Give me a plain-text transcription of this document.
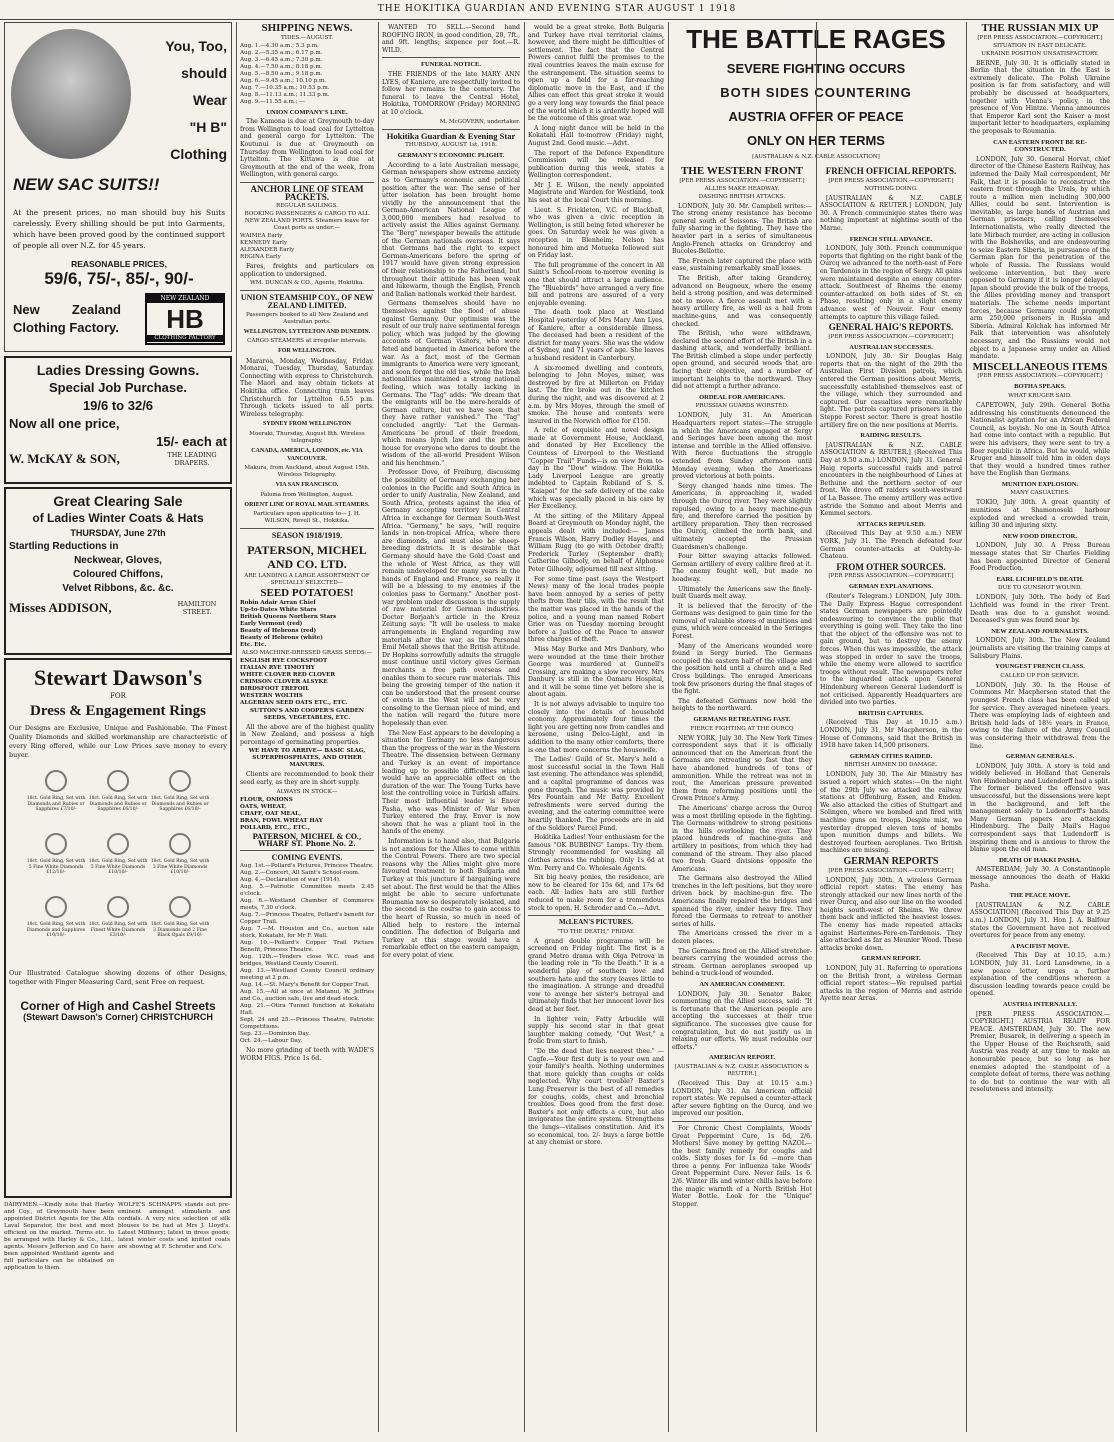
THE HOKITIKA GUARDIAN AND EVENING STAR AUGUST 1 1918
You, Too,
should
Wear
"H B"
Clothing
NEW SAC SUITS!!
At the present prices, no man should buy his Suits carelessly. Every shilling should be put into Garments, which have been proved good by the continued support of people all over N.Z. for 45 years.
REASONABLE PRICES,
59/6, 75/-, 85/-, 90/-
New Zealand Clothing Factory.
NEW ZEALAND
HB
CLOTHING FACTORY
Ladies Dressing Gowns.
Special Job Purchase.
19/6 to 32/6
Now all one price,
15/- each at
W. McKAY & SON,	THE LEADING DRAPERS.
Great Clearing Sale
of Ladies Winter Coats & Hats
THURSDAY, June 27th
Startling Reductions in
Neckwear, Gloves,
Coloured Chiffons,
Velvet Ribbons, &c. &c.
Misses ADDISON,	HAMILTON STREET.
Stewart Dawson's
FOR
Dress & Engagement Rings
Our Designs are Exclusive, Unique and Fashionable. The Finest Quality Diamonds and skilled workmanship are characteristic of every Ring offered, while our Low Prices save money to every buyer.
18ct. Gold Ring, Set with Diamonds and Rubies or Sapphires £7/10/-
18ct. Gold Ring, Set with Diamonds and Rubies or Sapphires £6/10/-
18ct. Gold Ring, Set with Diamonds and Rubies or Sapphires £6/10/-

18ct. Gold Ring, Set with 5 Fine White Diamonds £12/10/-
18ct. Gold Ring, Set with 5 Fine White Diamonds £10/10/-
18ct. Gold Ring, Set with 3 Fine White Diamonds £10/10/-

18ct. Gold Ring, Set with Diamonds and Sapphires £10/10/-
18ct. Gold Ring, Set with Finest White Diamonds £3/10/-
18ct. Gold Ring, Set with 3 Diamonds and 2 Fine Black Opals £9/10/-
Our Illustrated Catalogue showing dozens of other Designs, together with Finger Measuring Card, sent Free on request.
Corner of High and Cashel Streets
(Stewart Dawson's Corner) CHRISTCHURCH
DAIRYMEN.—Kindly note that Harley and Coy., of Greymouth have been appointed District Agents for the Alfa Laval Separator, the best and most efficient on the market. Terms etc. to be arranged with Harley & Co., Ltd., agents. Messrs Jefferson and Co have been appointed Westland agents and full particulars can be obtained on application to them.
WOLFE'S SCHNAPPS stands out pre-eminent amongst stimulants and cordials. A very nice selection of silk blouses to be had at Mrs J. Lloyd's. Latest Millinery; latest in dress goods; latest winter costs and knitted coats are showing at F. Schroder and Co's.
SHIPPING NEWS.
TIDES.—AUGUST.
Aug. 1.—4.30 a.m.; 5.3 p.m.
Aug. 2.—5.35 a.m.; 6.17 p.m.
Aug. 3.—6.45 a.m.; 7.30 p.m.
Aug. 4.—7.50 a.m.; 8.18 p.m.
Aug. 5.—8.50 a.m.; 9.18 p.m.
Aug. 6.—9.45 a.m.; 10.10 p.m.
Aug. 7.—10.35 a.m.; 10.53 p.m.
Aug. 8.—11.13 a.m.; 11.33 p.m.
Aug. 9.—11.55 a.m.; —
UNION COMPANY'S LINE.
The Kamona is due at Greymouth to-day from Wellington to load coal for Lyttelton and general cargo for Lyttelton. The Koutunui is due at Greymouth on Thursday from Wellington to load coal for Lyttelton. The Kittawa is due at Greymouth at the end of the week, from Wellington, with general cargo.
ANCHOR LINE OF STEAM PACKETS.
REGULAR SAILINGS.
BOOKING PASSENGERS & CARGO TO ALL NEW ZEALAND PORTS. Steamers leave for Coast ports as under:—
WAIMEA Early
KENNEDY Early
ALEXANDER Early
REGINA Early
Fares, freights and particulars on application to undersigned.
WM. DUNCAN & CO., Agents, Hokitika.
UNION STEAMSHIP COY., OF NEW ZEALAND LIMITED.
Passengers booked to all New Zealand and Australian ports.
WELLINGTON, LYTTELTON AND DUNEDIN.
CARGO STEAMERS at irregular intervals.
FOR WELLINGTON.
Mararoa, Monday, Wednesday, Friday. Monarai, Tuesday, Thursday, Saturday. Connecting with express to Christchurch. The Maori and may obtain tickets at Hokitika office. Connecting train leaves Christchurch for Lyttelton 6.55 p.m. Through tickets issued to all ports. Wireless telegraphy.
SYDNEY FROM WELLINGTON
Moeraki, Thursday, August 8th. Wireless telegraphy.
CANADA, AMERICA, LONDON, etc. VIA VANCOUVER.
Makura, from Auckland, about August 15th. Wireless Telegraphy.
VIA SAN FRANCISCO.
Paloma from Wellington, August.
ORIENT LINE OF ROYAL MAIL STEAMERS.
Particulars upon application to— J. H. WILSON, Revell St., Hokitika.
SEASON 1918/1919.
PATERSON, MICHEL AND CO. LTD.
ARE LANDING A LARGE ASSORTMENT OF SPECIALLY SELECTED—
SEED POTATOES!
Robin Adair Arran Chief
Up-to-Dates White Stars
British Queens Northern Stars
Early Vermont (red)
Beauty of Hebrons (red)
Beauty of Hebrons (white)
Etc. Etc.
ALSO MACHINE-DRESSED GRASS SEEDS:—
ENGLISH RYE COCKSFOOT
ITALIAN RYE TIMOTHY
WHITE CLOVER RED CLOVER
CRIMSON CLOVER ALSYKE
BIRDSFOOT TREFOIL
WESTERN WOLTHS
ALGERIAN SEED OATS ETC., ETC.
SUTTON'S AND COOPER'S GARDEN SEEDS, VEGETABLES, ETC.
All the above are of the highest quality in New Zealand, and possess a high percentage of germinating properties.
WE HAVE TO ARRIVE— BASIC SLAG, SUPERPHOSPHATES, AND OTHER MANURES.
Clients are recommended to book their seed early, as they are in short supply.
ALWAYS IN STOCK—
FLOUR, ONIONS
OATS, WHEAT,
CHAFF, OAT MEAL,
BRAN, FOWL WHEAT HAY
POLLARD, ETC., ETC.,
PATERSON, MICHEL & CO., WHARF ST. Phone No. 2.
COMING EVENTS.
Aug. 1st.—Pollard's Pictures, Princess Theatre.
Aug. 2.—Concert, All Saint's School-room.
Aug. 4.—Declaration of war (1914).
Aug. 5.—Patriotic Committee meets 2.45 o'clock.
Aug. 6.—Westland Chamber of Commerce meets, 7.30 o'clock.
Aug. 7.—Princess Theatre, Pollard's benefit for Copper Trail.
Aug. 7.—M. Houston and Co., auction sale stock, Kokatahi, for Mr F. Wall.
Aug. 10.—Pollard's Copper Trail Picture Benefit, Princess Theatre.
Aug. 12th.—Tenders close W.C. road and bridges, Westland County Council.
Aug. 13.—Westland County Council ordinary meeting at 2 p.m.
Aug. 14.—St. Mary's Benefit for Copper Trail.
Aug. 15.—All at once at Matanui, W. Jeffries and Co., auction sale, live and dead stock.
Aug. 21.—Otira Tunnel function at Kokatahi Hall.
Sept. 24 and 25.—Princess Theatre, Patriotic Competitions.
Sep. 23.—Dominion Day.
Oct. 24.—Labour Day.
No more grinding of teeth with WADE'S WORM FIGS. Price 1s 6d.
WANTED TO SELL.—Second hand ROOFING IRON, in good condition, 20, 7ft., and 9ft. lengths; sixpence per foot.—R. WILD.
FUNERAL NOTICE.
THE FRIENDS of the late MARY ANN LYES, of Kaniere, are respectfully invited to follow her remains to the cemetery. The funeral to leave the Central Hotel, Hokitika, TOMORROW (Friday) MORNING at 10 o'clock.
M. McGOVERN, undertaker.
Hokitika Guardian & Evening Star
THURSDAY, AUGUST 1st, 1918.
GERMANY'S ECONOMIC PLIGHT.
According to a late Australian message, German newspapers show extreme anxiety as to Germany's economic and political position after the war. The sense of her utter isolation has been brought home vividly by the announcement that the German-American National League of 3,000,000 members had resolved to actively assist the Allies against Germany. The "Berg" newspaper bewails the attitude of the German nationals overseas. It says that Germans had the right to expect German-Americans before the spring of 1917 would have given strong expression of their relationship to the Fatherland, but throughout their attitude has been weak and lukewarm, though the English, French and Italian nationals worked their hardest.
Germans themselves should have no themselves against the flood of abuse against Germany. Our optimism was the result of our truly naive sentimental foreign policy, which was judged by the glowing accounts of German visitors, who were feted and banqueted in America before the war. As a fact, most of the German immigrants to America were very ignorant, and soon forgot the old ties, while the Irish nationalities maintained a strong national feeling, which was totally lacking in Germans. The "Tag" adds: "We dream that the emigrants will be the mere-heralds of German culture, but we have seen that they have rather vanished." The "Tag" concluded angrily: "Let the German-Americans be proud of their freedom, which means lynch law and the prison house for everyone who dares to doubt the wisdom of the all-world President Wilson and his henchmen."
Professor Dove, of Freiburg, discussing the possibility of Germany exchanging her colonies in the Pacific and South Africa in order to unify Australia, New Zealand, and South Africa, protests against the idea of Germany accepting territory in Central Africa in exchange for German South-West Africa. "Germany," he says, "will require lands in non-tropical Africa, where there are diamonds, and must also be sheep-breeding districts. It is desirable that Germany should have the Gold Coast and the whole of West Africa, as they will remain undeveloped for many years in the hands of England and France, so really it will be a blessing to my enemies if the colonies pass to Germany." Another post-war problem under discussion is the supply of raw material for German industries. Doctor Borjaah's article in the Kreuz Zeitung says: "It will be useless to make arrangements in England regarding raw materials after the war, as the Personal Emil Metall shows that the British attitude. Dr Hopkins sorrowfully admits the struggle must continue until victory gives German merchants a free path overseas and enables them to secure raw materials. This being the growing temper of the nation it can be understood that the present course of events in the West will not be very consoling to the German piece of mind, and the nation will regard the future more hopelessly than ever.
The New East appears to be developing a situation for Germany no less dangerous than the progress of the war in the Western Theatre. The dissension between Germany and Turkey is an event of importance leading up to possible difficulties which would have an appreciable effect on the duration of the war. The Young Turks have lost the controlling voice in Turkish affairs. Their most influential leader is Enver Pasha, who was Minister of War when Turkey entered the fray. Enver is now shown that he was a pliant tool in the hands of the enemy.
Information is to hand also, that Bulgaria is not anxious for the Allies to come within the Central Powers. There are two special reasons why the Allies might give more favoured treatment to both Bulgaria and Turkey at this juncture if bargaining were set about. The first would be that the Allies might be able to secure unfortunate Roumania now so desperately isolated, and the second is the course to gain access to the heart of Russia, so much in need of Allied help to restore the internal condition. The defection of Bulgaria and Turkey at this stage would have a remarkable effect on the eastern campaign, for every point of view.
would be a great stroke. Both Bulgaria and Turkey have rival territorial claims, however, and there might be difficulties of settlement. The fact that the Central Powers cannot fulfil the promises to the rival countries leaves the main excuse for the estrangement. The situation seems to open up a field for a far-reaching diplomatic move in the East, and if the Allies can effect this great stroke it would go a very long way towards the final peace of the world which it is ardently hoped will be the outcome of this great war.
A long night dance will be held in the Kokatahi Hall to-morrow (Friday) night, August 2nd. Good music.—Advt.
The report of the Defence Expenditure Commission will be released for publication during this week, states a Wellington correspondent.
Mr J. E. Wilson, the newly appointed Magistrate and Warden for Westland, took his seat at the local Court this morning.
Lieut. S. Frickleton, V.C. of Blackball, who was given a civic reception in Wellington, is still being feted wherever he goes. On Saturday week he was given a reception in Blenheim; Nelson has honoured him and Motueka followed suit on Friday last.
The full programme of the concert in All Saint's School-room to-morrow evening is one that should attract a large audience. The "Bluebirds" have arranged a very fine bill and patrons are assured of a very enjoyable evening.
The death took place at Westland Hospital yesterday of Mrs Mary Ann Lyes, of Kaniere, after a considerable illness. The deceased had been a resident of the district for many years. She was the widow of Sydney, and 71 years of age. She leaves a husband resident in Canterbury.
A six-roomed dwelling and contents, belonging to John Moyes, miner, was destroyed by fire at Millerton on Friday last. The fire broke out in the kitchen during the night, and was discovered at 2 a.m. by Mrs Moyes, through the smell of smoke. The house and contents were insured in the Norwich office for £150.
A relic of exquisite and novel design made at Government House, Auckland, and donated by Her Excellency the Countess of Liverpool to the Westland "Copper Trail" Funds—is on view from to-day in the "Dow" window. The Hokitika Lady Liverpool League are greatly indebted to Captain Robiland of S. S. "Kaiapoi" for the safe delivery of the cake which was specially placed in his care by Her Excellency.
At the sitting of the Military Appeal Board at Greymouth on Monday night, the appeals dealt with included:— James Francis Wilson, Harry Dudley Hayes, and William Rugg (to go with October draft); Frederick Turley (September draft); Catherine Gilhooly, on behalf of Alphonse Peter Gilhooly, adjourned till next sitting.
For some time past (says the Westport News) many of the local trades people have been annoyed by a series of petty thefts from their tills, with the result that the matter was placed in the hands of the police, and a young man named Robert Grier was on Tuesday morning brought before a Justice of the Peace to answer three charges of theft.
Miss May Burke and Mrs Danbury, who were wounded at the time their brother George was murdered at Gunnell's Crossing, are making a slow recovery. Mrs Danbury is still in the Oamaru Hospital, and it will be some time yet before she is about again.
It is not always advisable to inquire too closely into the details of household economy. Approximately four times the light you are getting now from candles and kerosene, using Delco-Light, and in addition to the many other comforts, there is one that more concerns the housewife.
The Ladies' Guild of St. Mary's held a most successful social in the Town Hall last evening. The attendance was splendid, and a capital programme of dances was gone through. The music was provided by Mrs Fountain and Mr Batty. Excellent refreshments were served during the evening, and the catering committee were heartily thanked. The proceeds are in aid of the Soldiers' Parcel Fund.
Hokitika Ladies! Your enthusiasm for the famous "OK BUBBING" Lamps. Try them. Strongly recommended for washing all clothes across the rubbing. Only 1s 6d at Wm. Perry and Co. Wholesale Agents.
Six big heavy ponies, the residence, are now to be cleared for 15s 6d, and 17s 6d each. All ladies hats are still further reduced to make room for a tremendous stock to open. H. Schroder and Co.—Advt.
McLEAN'S PICTURES.
"TO THE DEATH," FRIDAY.
A grand double programme will be screened on Friday night. The first is a grand Metro drama with Olga Petrova in the leading role in "To the Death." It is a wonderful play of southern love and southern hate and the story leaves little to the imagination. A strange and dreadful vow to avenge her sister's betrayal and ultimately finds that her innocent lover lies dead at her feet.
In lighter vein, Fatty Arbuckle will supply his second star in that great laughter making comedy, "Out West," a frolic from start to finish.
"Do the dead that lies nearest thee." —Cagfe.—Your first duty is to your own and your family's health. Nothing undermines that more quickly than coughs or colds neglected. Why court trouble? Baxter's Lung Preserver is the best of all remedies for coughs, colds, chest and bronchial troubles. Does good from the first dose. Baxter's not only effects a cure, but also invigorates the entire system. Strengthens the lungs—vitalises constitution. And it's so economical, too. 2/- buys a large bottle at any chemist or store.
THE BATTLE RAGES
SEVERE FIGHTING OCCURS
BOTH SIDES COUNTERING
AUSTRIA OFFER OF PEACE
ONLY ON HER TERMS
[AUSTRALIAN & N.Z. CABLE ASSOCIATION]
THE WESTERN FRONT
[PER PRESS ASSOCIATION.—COPYRIGHT.]
ALLIES MAKE HEADWAY.
DASHING BRITISH ATTACKS.
LONDON, July 30. Mr. Campbell writes:—The strong enemy resistance has become general south of Soissons. The British are fully sharing in the fighting. They have the heavier part in a series of simultaneous Anglo-French attacks on Grandcroy and Bucoles-Bellotte.
The French later captured the place with ease, sustaining remarkably small losses.
The British, after taking Grandcroy, advanced on Beugneux, where the enemy held a strong position, and was determined not to move. A fierce assault met with a heavy artillery fire, as well as a hail from machine-guns, and was consequently checked.
The British, who were withdrawn, declared the second effort of the British in a dashing attack, and wonderfully brilliant. The British climbed a slope under perfectly open ground, and secured woods that are facing their objective, and a number of important heights to the northward. They did not attempt a further advance.
ORDEAL FOR AMERICANS.
PRUSSIAN GUARDS WORSTED.
LONDON, July 31. An American Headquarters report states:—The struggle in which the Americans engaged at Sergy and Seringes have been among the most intense and terrible in the Allied offensive. With fierce fluctuations the struggle extended from Sunday afternoon until Monday evening, when the Americans proved victorious at both points.
Sergy changed hands nine times. The Americans, in approaching it, waded through the Ourcq river. They were slightly repulsed, owing to a heavy machine-gun fire, and therefore carried the position by artillery preparation. They then recrossed the Ourcq, climbed the north bank, and ultimately accepted the Prussian Guardsmen's challenge.
Four bitter swaying attacks followed. German artillery of every calibre fired at it. The enemy fought well, but made no headway.
Ultimately the Americans saw the finely-built Guards melt away.
It is believed that the ferocity of the Germans was designed to gain time for the removal of valuable stores of munitions and guns, which were concealed in the Seringes Forest.
Many of the Americans wounded were found in Sergy buried. The Germans occupied the eastern half of the village and the position held until a church and a Red Cross buildings. The enraged Americans took few prisoners during the final stages of the fight.
The defeated Germans now hold the heights to the northward.
GERMANS RETREATING FAST.
FIERCE FIGHTING AT THE OURCQ
NEW YORK, July 30. The New York Times correspondent says that it is officially announced that on the American front the Germans are retreating so fast that they have abandoned hundreds of tons of ammunition. While the retreat was not in rout, the American pressure prevented them from reforming positions until the Crown Prince's Army.
The Americans' charge across the Ourcq was a most thrilling episode in the fighting. The Germans withdrew to strong positions in the hills overlooking the river. They placed hundreds of machine-guns and artillery in positions, from which they had command of the stream. They also placed two fresh Guard divisions opposite the Americans.
The Germans also destroyed the Allied trenches in the left positions, but they were driven back by machine-gun fire. The Americans finally repaired the bridges and spanned the river, under heavy fire. They forced the Germans to retreat to another series of hills.
The Americans crossed the river in a dozen places.
The Germans fired on the Allied stretcher-bearers carrying the wounded across the stream. German aeroplanes swooped up behind a truck-load of wounded.
AN AMERICAN COMMENT.
LONDON, July 30. Senator Baker, commenting on the Allied success, said: "It is fortunate that the American people are accepting the successes at their true significance. The successes give cause for congratulation, but do not justify us in relaxing our efforts. We must redouble our efforts."
AMERICAN REPORT.
[AUSTRALIAN & N.Z. CABLE ASSOCIATION & REUTER.]
(Received This Day at 10.15 a.m.) LONDON, July 31. An American official report states: We repulsed a counter-attack after severe fighting on the Ourcq, and we improved our position.
For Chronic Chest Complaints, Woods' Great Peppermint Cure, 1s 6d, 2/6. Mothers! Save money by getting NAZOL—the best family remedy for coughs and colds. Sixty doses for 1s 6d —more than three a penny. For influenza take Woods' Great Peppermint Cure. Never fails. 1s 6. 2/6. Winter ills and winter chills have before the magic warmth of a North British Hot Water Bottle. Look for the "Unique" Stopper.
FRENCH OFFICIAL REPORTS.
[PER PRESS ASSOCIATION.—COPYRIGHT.]
NOTHING DOING.
[AUSTRALIAN & N.Z. CABLE ASSOCIATION & REUTER.] LONDON, July 30. A French communique states there was nothing important at nightime south of the Marne.
FRENCH STILL ADVANCE.
LONDON, July 30th. French communique reports that fighting on the right bank of the Ourcq we advanced to the north-east of Fere en Tardenois in the region of Sergy. All gains were maintained despite an enemy counter-attack. Southwest of Rheims the enemy counter-attacked on both sides of St. en Phase, resulting only in a slight enemy advance west of Nouvoir. Four enemy attempts to capture this village failed.
GENERAL HAIG'S REPORTS.
[PER PRESS ASSOCIATION.—COPYRIGHT.]
AUSTRALIAN SUCCESSES.
LONDON, July 30. Sir Douglas Haig reports that on the night of the 29th the Australian First Division patrols, which entered the German positions about Merris, successfully established themselves east of the village, which they surrounded and captured. Our casualties were remarkably light. The patrols captured prisoners in the Steppe Forest sector. There is great hostile artillery fire on the new positions at Merris.
RAIDING RESULTS.
[AUSTRALIAN & N.Z. CABLE ASSOCIATION & REUTER.] (Received This Day at 9.50 a.m.) LONDON, July 31. General Haig reports successful raids and patrol encounters in the neighbourhood of Lines at Bethune and the northern sector of our front. We drove off raiders south-westward of La Bassee. The enemy artillery was active astride the Somme and about Merris and Kemmel sectors.
ATTACKS REPULSED.
(Received This Day at 9.50 a.m.) NEW YORK, July 31. The French defeated four German counter-attacks at Oulchy-le-Chateau.
FROM OTHER SOURCES.
[PER PRESS ASSOCIATION.—COPYRIGHT.]
GERMAN EXPLANATIONS.
(Reuter's Telegram.) LONDON, July 30th. The Daily Express Hague correspondent states German newspapers are pointedly endeavouring to convince the public that everything is going well. They take the line that the object of the offensive was not to gain ground, but to destroy the enemy forces. When this was impossible, the attack was stopped in order to save the troops, while the enemy were allowed to sacrifice troops without result. The newspapers refer to the inguarded attack upon General Hindenburg whereon General Ludendorff is not criticised. Apparently Headquarters are divided into two parties.
BRITISH CAPTURES.
(Received This Day at 10.15 a.m.) LONDON, July 31. Mr Macpherson, in the House of Commons, said that the British in 1918 have taken 14,500 prisoners.
GERMAN CITIES RAIDED.
BRITISH AIRMEN DO DAMAGE.
LONDON, July 30. The Air Ministry has issued a report which states:—On the night of the 29th July we attacked the railway stations at Offenburg, Essen, and Emden. We also attacked the cities of Stuttgart and Solingen, where we bombed and fired with machine guns on troops. Despite mist, we yesterday dropped eleven tons of bombs upon munition dumps and billets. We destroyed fourteen aeroplanes. Two British machines are missing.
GERMAN REPORTS
[PER PRESS ASSOCIATION.—COPYRIGHT.]
LONDON, July 30th. A wireless German official report states: The enemy has strongly attacked our new lines north of the river Ourcq, and also our line on the wooded heights south-west of Rheims. We threw them back and inflicted the heaviest losses. The enemy has made repeated attacks against Hartennes-Fere-en-Tardenois. They also attacked as far as Meunier Wood. These attacks broke down.
GERMAN REPORT.
LONDON, July 31. Referring to operations on the British front, a wireless German official report states:—We repulsed partial attacks in the region of Merris and astride Ayette near Arras.
THE RUSSIAN MIX UP
[PER PRESS ASSOCIATION.—COPYRIGHT.]
SITUATION IN EAST DELICATE.
UKRAINE POSITION UNSATISFACTORY.
BERNE, July 30. It is officially stated in Berlin that the situation in the East is extremely delicate. The Polish Ukraine position is far from satisfactory, and will probably be discussed at headquarters, together with Vienna's policy, in the presence of Von Hintze. Vienna announces that Emperor Karl sent the Kaiser a most important letter to headquarters, explaining the proposals to Roumania.
CAN EASTERN FRONT BE RE-CONSTRUCTED.
LONDON, July 30. General Horvat, chief director of the Chinese Eastern Railway, has informed the Daily Mail correspondent, Mr Falk, that it is possible to reconstruct the eastern front through the Urals, by which route a million men including 300,000 Allies, could be sent. Intervention is inevitable, as large bands of Austrian and German prisoners, calling themselves Internationalists, who really directed the late Mirbach murder, are acting in collusion with the Bolsheviks, and are endeavouring to seize Eastern Siberia, in pursuance of the German plan for the penetration of the whole of Russia. The Russians would welcome intervention, but they were opposed to Germany if it is longer delayed. Japan should provide the bulk of the troops, the Allies providing money and transport materials. The scheme needs important forces, because Germany could promptly arm 250,000 prisoners in Russia and Siberia. Admiral Kolchak has informed Mr Falk that intervention was absolutely necessary, and the Russians would not object to a Japanese army under an Allied mandate.
MISCELLANEOUS ITEMS
[PER PRESS ASSOCIATION.—COPYRIGHT.]
BOTHA SPEAKS.
WHAT KRUGER SAID.
CAPETOWN, July 29th. General Botha addressing his constituents denounced the Nationalist agitation for an African Federal Council, as boyish. No one in South Africa had come into contact with a republic. But were his advisers, they were sent to try a Boer republic in Africa. But he would, while Kruger and himself told him in olden days that they would a hundred times rather have the English than Germans.
MUNITION EXPLOSION.
MANY CASUALTIES.
TOKIO, July 30th. A great quantity of munitions at Shamonoseki harbour exploded and wrecked a crowded train, killing 30 and injuring sixty.
NEW FOOD DIRECTOR.
LONDON, July 30. A Press Bureau message states that Sir Charles Fielding has been appointed Director of General Food Production.
EARL LICHFIELD'S DEATH.
DUE TO GUNSHOT WOUND.
LONDON, July 30th. The body of Earl Lichfield was found in the river Trent. Death was due to a gunshot wound. Deceased's gun was found near by.
NEW ZEALAND JOURNALISTS.
LONDON, July 30th. The New Zealand journalists are visiting the training camps at Salisbury Plains.
YOUNGEST FRENCH CLASS.
CALLED UP FOR SERVICE.
LONDON, July 30. In the House of Commons Mr. Macpherson stated that the youngest French class has been called up for service. They averaged nineteen years. There was employing lads of eighteen and British held lads of 18½ years in France, owing to the failure of the Army Council was considering their withdrawal from the line.
GERMAN GENERALS.
LONDON, July 30th. A story is told and widely believed in Holland that Generals Von Hindenburg and Ludendorff had a split. The former believed the offensive was unsuccessful, but the dissensions were kept in the background, and left the management solely to Ludendorff's hands. Many German papers are attacking Hindenburg. The Daily Mail's Hague correspondent says that Ludendorff is inspiring them and is anxious to throw the blame upon the old man.
DEATH OF HAKKI PASHA.
AMSTERDAM, July 30. A Constantinople message announces the death of Hakki Pasha.
THE PEACE MOVE.
[AUSTRALIAN & N.Z. CABLE ASSOCIATION] (Received This Day at 9.25 a.m.) LONDON, July 31. Hon J. A. Balfour states the Government have not received overtures for peace from any enemy.
A PACIFIST MOVE.
(Received This Day at 10.15, a.m.) LONDON, July 31. Lord Lansdowne, in a new peace letter, urges a further explanation of the conditions whereon a discussion leading towards peace could be opened.
AUSTRIA INTERNALLY.
[PER PRESS ASSOCIATION.—COPYRIGHT.] AUSTRIA READY FOR PEACE. AMSTERDAM, July 30. The new Premier, Busarek, in delivering a speech in the Upper House of the Reichsrath, said Austria was ready at any time to make an honourable peace, but so long as her enemies adopted the standpoint of a complete defeat of terms, there was nothing to do but to continue the war with all resoluteness and intensity.
